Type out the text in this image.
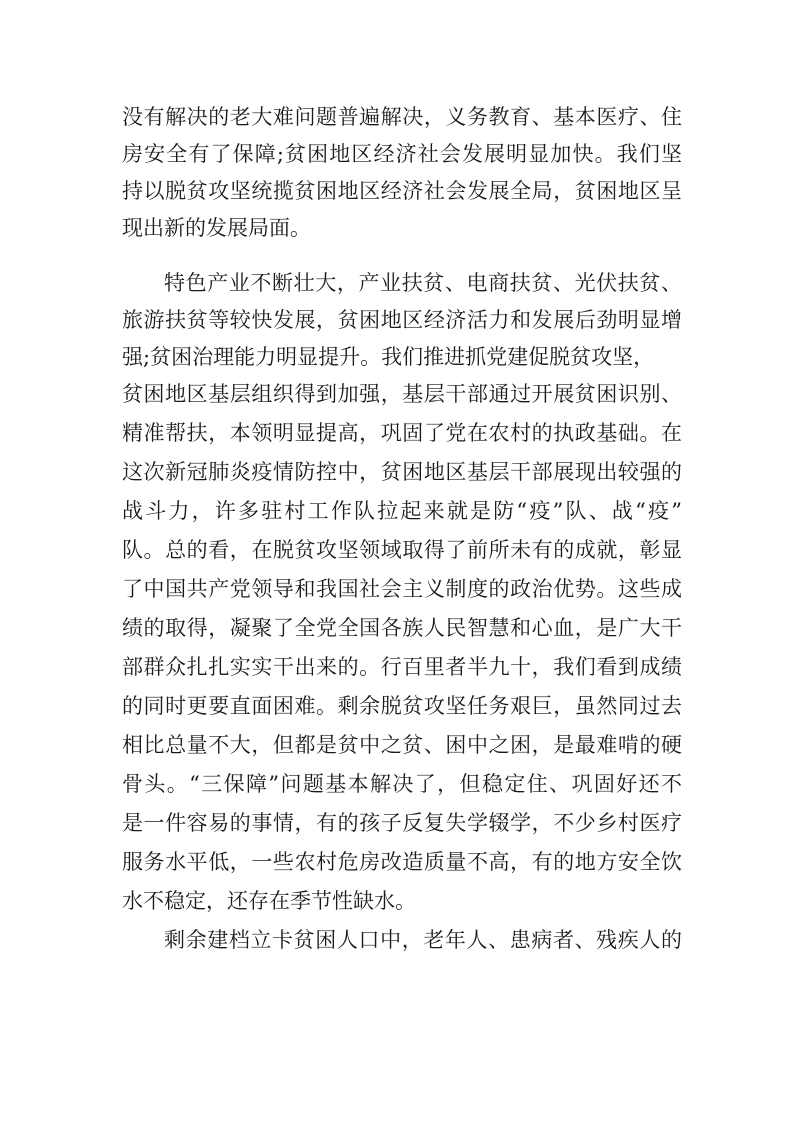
没有解决的老大难问题普遍解决，义务教育、基本医疗、住
房安全有了保障;贫困地区经济社会发展明显加快。我们坚
持以脱贫攻坚统揽贫困地区经济社会发展全局，贫困地区呈
现出新的发展局面。
特色产业不断壮大，产业扶贫、电商扶贫、光伏扶贫、
旅游扶贫等较快发展，贫困地区经济活力和发展后劲明显增
强;贫困治理能力明显提升。我们推进抓党建促脱贫攻坚，
贫困地区基层组织得到加强，基层干部通过开展贫困识别、
精准帮扶，本领明显提高，巩固了党在农村的执政基础。在
这次新冠肺炎疫情防控中，贫困地区基层干部展现出较强的
战斗力，许多驻村工作队拉起来就是防“疫”队、战“疫”
队。总的看，在脱贫攻坚领域取得了前所未有的成就，彰显
了中国共产党领导和我国社会主义制度的政治优势。这些成
绩的取得，凝聚了全党全国各族人民智慧和心血，是广大干
部群众扎扎实实干出来的。行百里者半九十，我们看到成绩
的同时更要直面困难。剩余脱贫攻坚任务艰巨，虽然同过去
相比总量不大，但都是贫中之贫、困中之困，是最难啃的硬
骨头。“三保障”问题基本解决了，但稳定住、巩固好还不
是一件容易的事情，有的孩子反复失学辍学，不少乡村医疗
服务水平低，一些农村危房改造质量不高，有的地方安全饮
水不稳定，还存在季节性缺水。
剩余建档立卡贫困人口中，老年人、患病者、残疾人的
